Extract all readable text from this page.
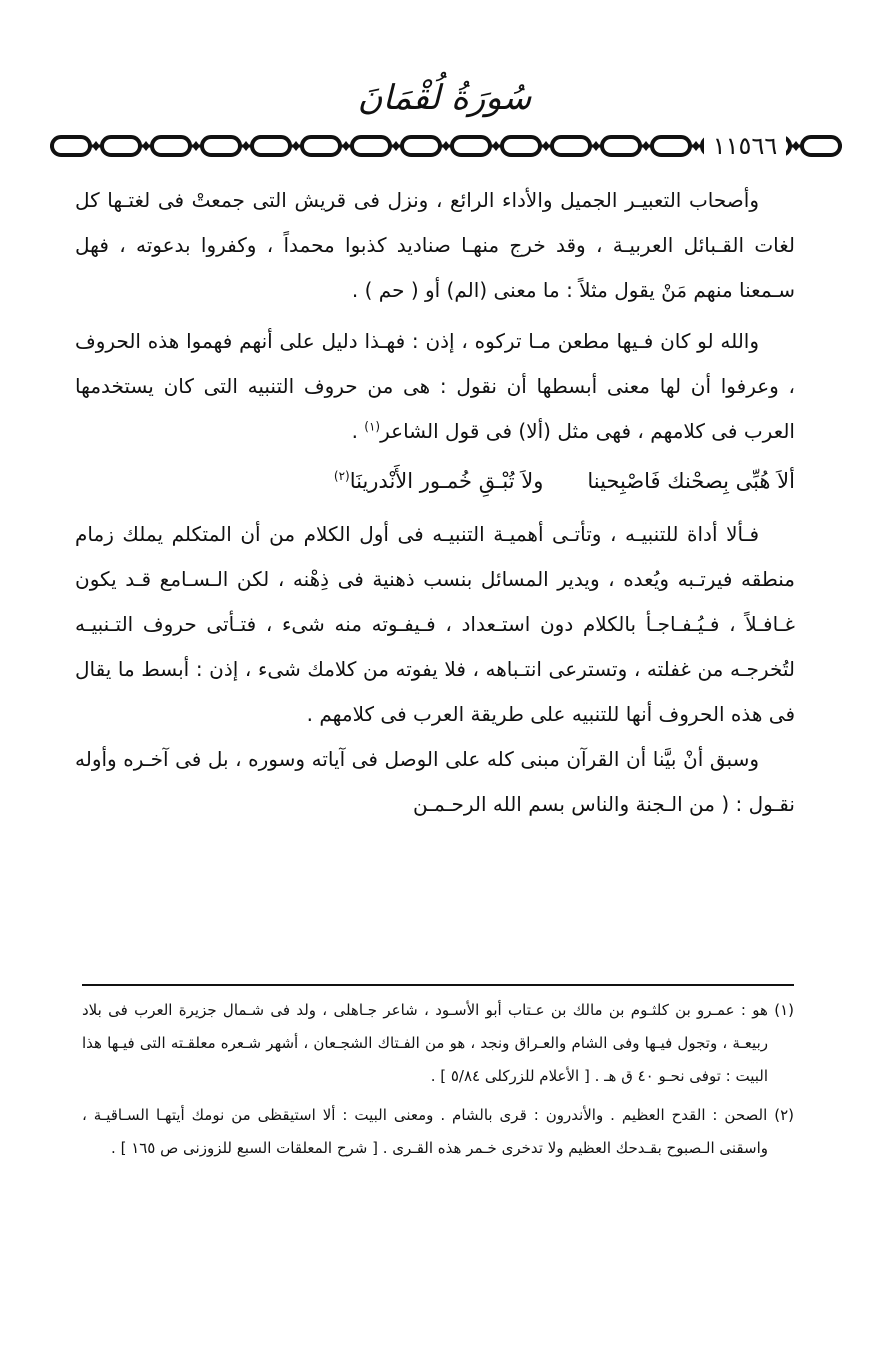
سُورَةُ لُقْمَانَ
١١٥٦٦

وأصحاب التعبيـر الجميل والأداء الرائع ، ونزل فى قريش التى جمعتْ فى لغتـها كل لغات القـبائل العربيـة ، وقد خرج منهـا صناديد كذبوا محمداً ، وكفروا بدعوته ، فهل سـمعنا منهم مَنْ يقول مثلاً : ما معنى (الم) أو ( حم ) .

والله لو كان فـيها مطعن مـا تركوه ، إذن : فهـذا دليل على أنهم فهموا هذه الحروف ، وعرفوا أن لها معنى أبسطها أن نقول : هى من حروف التنبيه التى كان يستخدمها العرب فى كلامهم ، فهى مثل (ألا) فى قول الشاعر$^{(١)}$ .

ألاَ هُبِّى بِصحْنك فَاصْبِحيناولاَ تُبْـقِ خُمـور الأَنْدرينَا$^{(٢)}$

فـألا أداة للتنبيـه ، وتأتـى أهميـة التنبيـه فى أول الكلام من أن المتكلم يملك زمام منطقه فيرتـبه ويُعده ، ويدير المسائل بنسب ذهنية فى ذِهْنه ، لكن الـسـامع قـد يكون غـافـلاً ، فـيُـفـاجـأ بالكلام دون استـعداد ، فـيفـوته منه شىء ، فتـأتى حروف التـنبيـه لتُخرجـه من غفلته ، وتسترعى انتـباهه ، فلا يفوته من كلامك شىء ، إذن : أبسط ما يقال فى هذه الحروف أنها للتنبيه على طريقة العرب فى كلامهم .

وسبق أنْ بيَّنا أن القرآن مبنى كله على الوصل فى آياته وسوره ، بل فى آخـره وأوله نقـول : ( من الـجنة والناس بسم الله الرحـمـن

(١) هو : عمـرو بن كلثـوم بن مالك بن عـتاب أبو الأسـود ، شاعر جـاهلى ، ولد فى شـمال جزيرة العرب فى بلاد ربيعـة ، وتجول فيـها وفى الشام والعـراق ونجد ، هو من الفـتاك الشجـعان ، أشهر شـعره معلقـته التى فيـها هذا البيت : توفى نحـو ٤٠ ق هـ . [ الأعلام للزركلى ٥/٨٤ ] .

(٢) الصحن : القدح العظيم . والأندرون : قرى بالشام . ومعنى البيت : ألا استيقظى من نومك أيتهـا السـاقيـة ، واسقنى الـصبوح بقـدحك العظيم ولا تدخرى خـمر هذه القـرى . [ شرح المعلقات السبع للزوزنى ص ١٦٥ ] .
